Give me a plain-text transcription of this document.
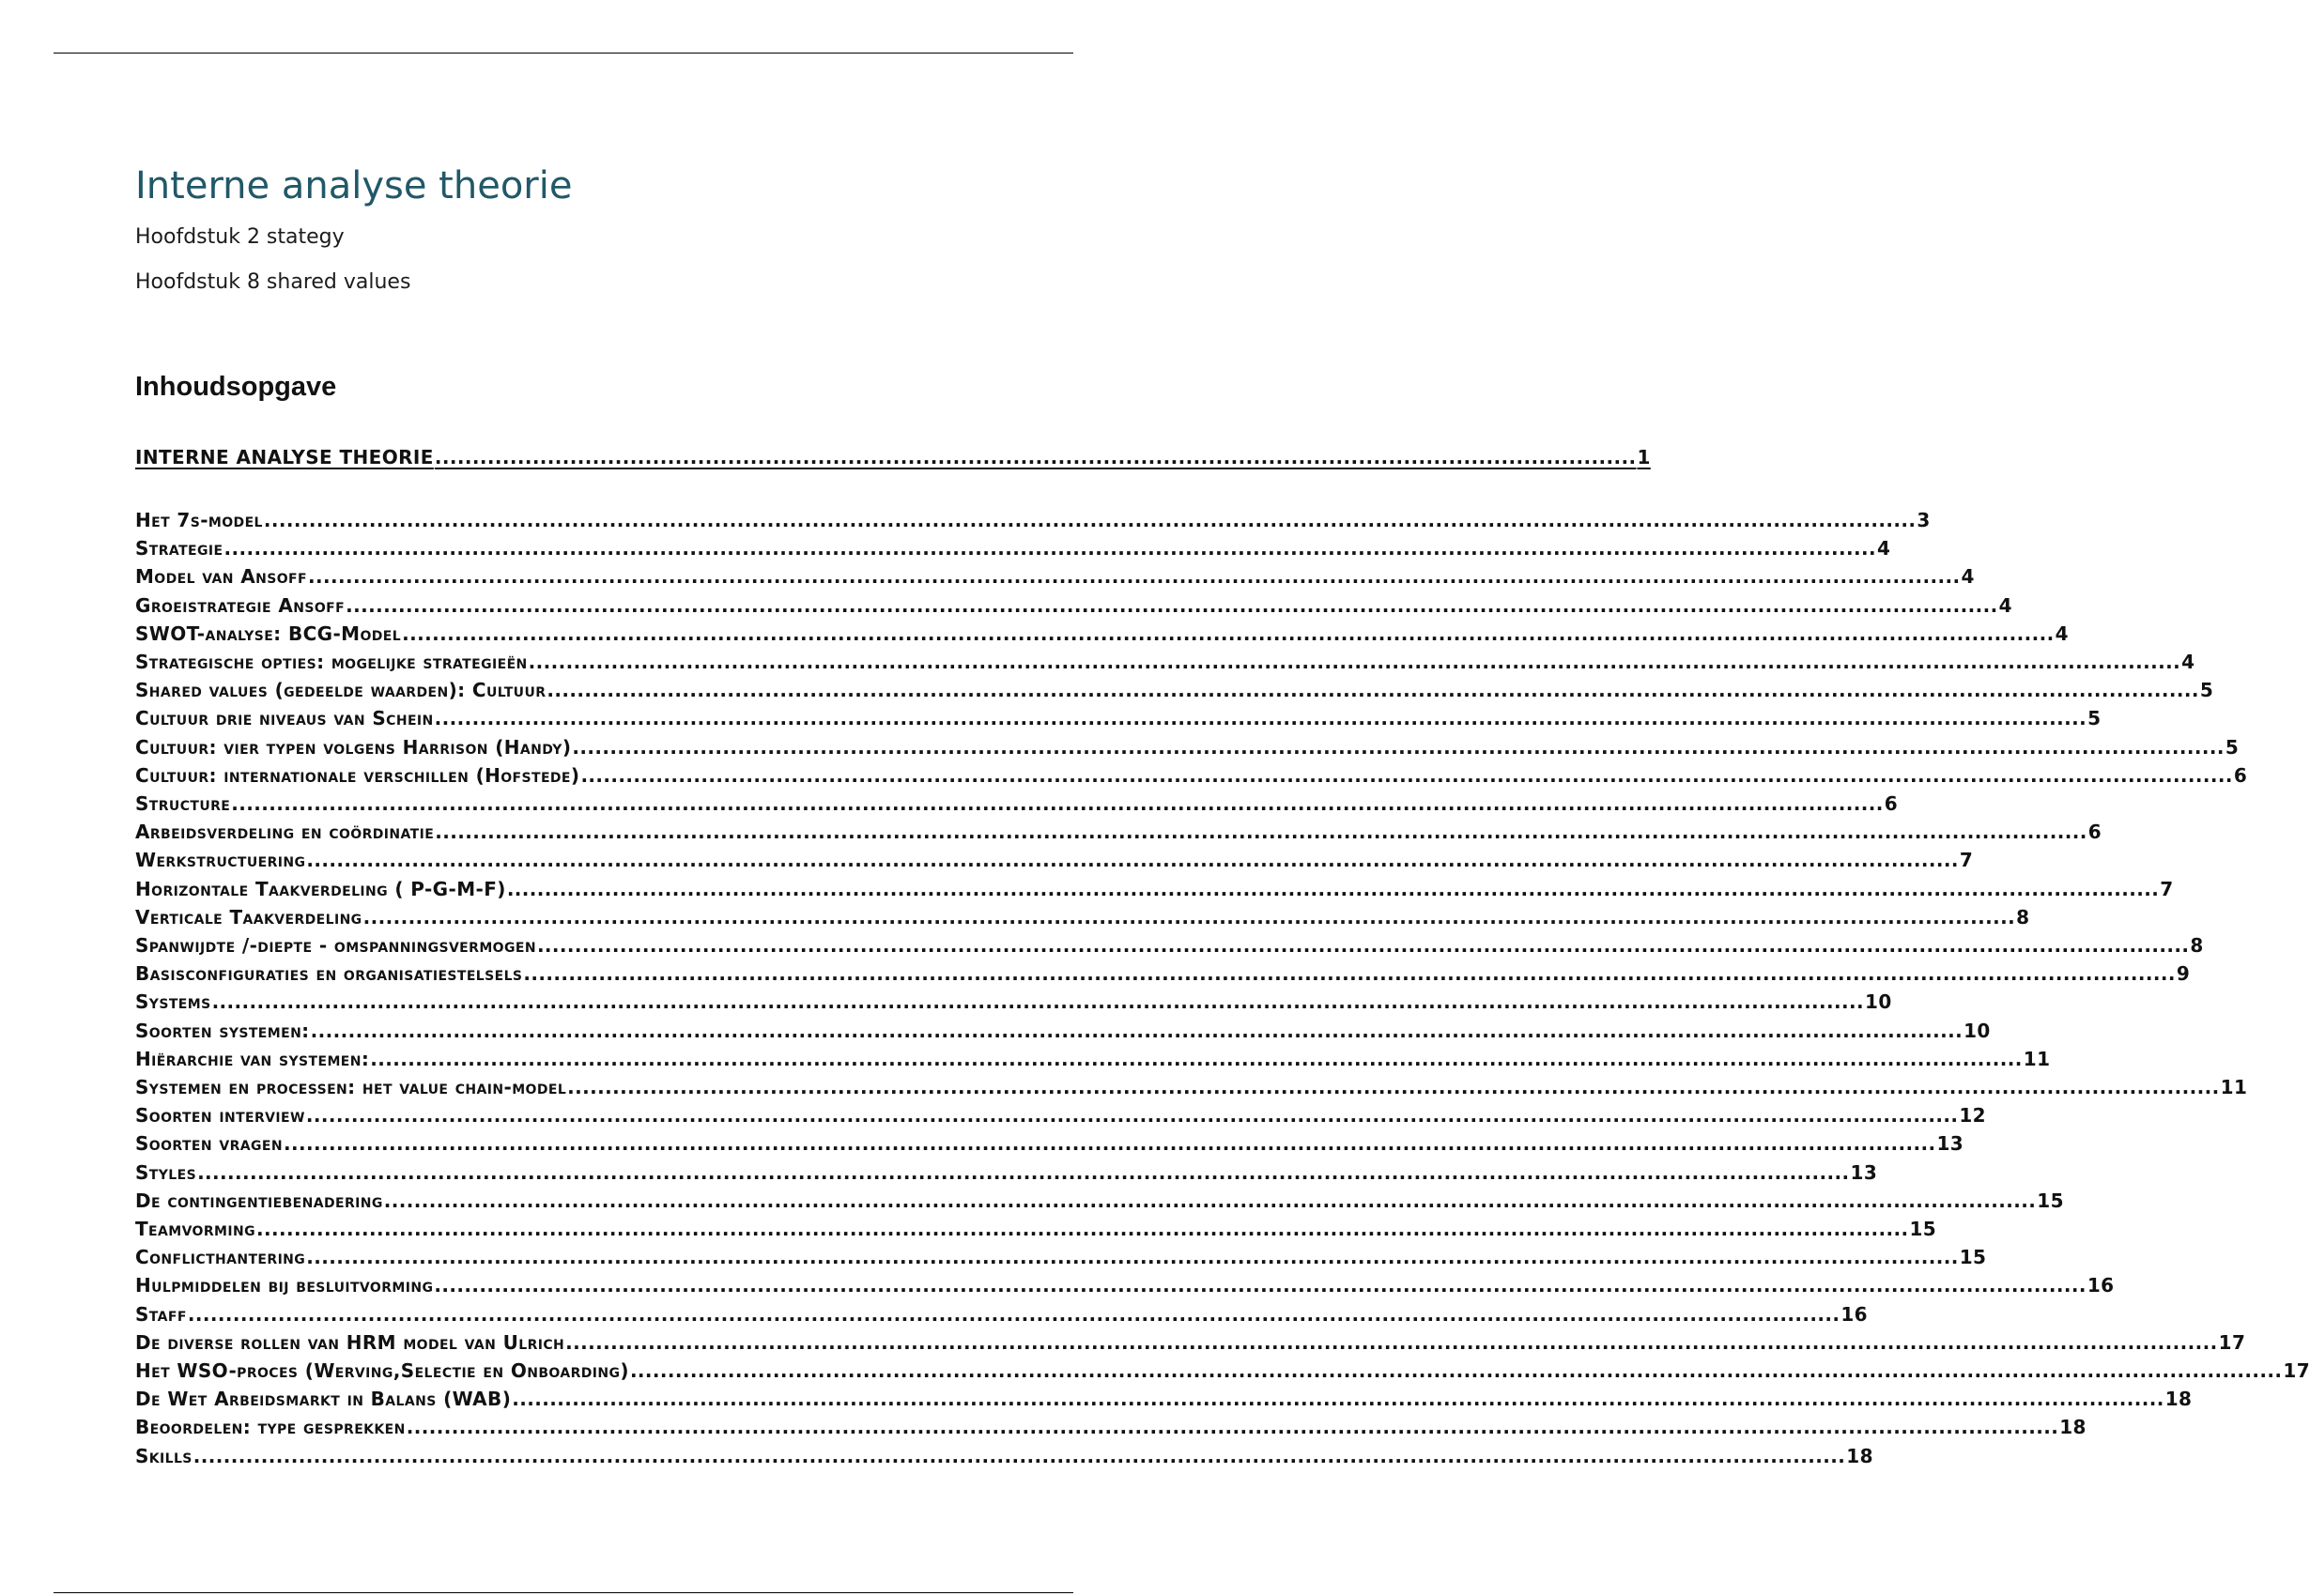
Interne analyse theorie

Hoofdstuk 2 stategy

Hoofdstuk 8 shared values

Inhoudsopgave
INTERNE ANALYSE THEORIE ................................................................................................................................................................ 1
Het 7s-model ............................................................................................................................................................................................................................ 3
Strategie ............................................................................................................................................................................................................................ 4
Model van Ansoff ............................................................................................................................................................................................................................ 4
Groeistrategie Ansoff ............................................................................................................................................................................................................................ 4
SWOT-analyse: BCG-Model ............................................................................................................................................................................................................................ 4
Strategische opties: mogelijke strategieën ............................................................................................................................................................................................................................ 4
Shared values (gedeelde waarden): Cultuur ............................................................................................................................................................................................................................ 5
Cultuur drie niveaus van Schein ............................................................................................................................................................................................................................ 5
Cultuur: vier typen volgens Harrison (Handy) ............................................................................................................................................................................................................................ 5
Cultuur: internationale verschillen (Hofstede) ............................................................................................................................................................................................................................ 6
Structure ............................................................................................................................................................................................................................ 6
Arbeidsverdeling en coördinatie ............................................................................................................................................................................................................................ 6
Werkstructuering ............................................................................................................................................................................................................................ 7
Horizontale Taakverdeling ( P-G-M-F) ............................................................................................................................................................................................................................ 7
Verticale Taakverdeling ............................................................................................................................................................................................................................ 8
Spanwijdte /-diepte - omspanningsvermogen ............................................................................................................................................................................................................................ 8
Basisconfiguraties en organisatiestelsels ............................................................................................................................................................................................................................ 9
Systems ............................................................................................................................................................................................................................ 10
Soorten systemen: ............................................................................................................................................................................................................................ 10
Hiërarchie van systemen: ............................................................................................................................................................................................................................ 11
Systemen en processen: het value chain-model ............................................................................................................................................................................................................................ 11
Soorten interview ............................................................................................................................................................................................................................ 12
Soorten vragen ............................................................................................................................................................................................................................ 13
Styles ............................................................................................................................................................................................................................ 13
De contingentiebenadering ............................................................................................................................................................................................................................ 15
Teamvorming ............................................................................................................................................................................................................................ 15
Conflicthantering ............................................................................................................................................................................................................................ 15
Hulpmiddelen bij besluitvorming ............................................................................................................................................................................................................................ 16
Staff ............................................................................................................................................................................................................................ 16
De diverse rollen van HRM model van Ulrich ............................................................................................................................................................................................................................ 17
Het WSO-proces (Werving,Selectie en Onboarding) ............................................................................................................................................................................................................................ 17
De Wet Arbeidsmarkt in Balans (WAB) ............................................................................................................................................................................................................................ 18
Beoordelen: type gesprekken ............................................................................................................................................................................................................................ 18
Skills ............................................................................................................................................................................................................................ 18
